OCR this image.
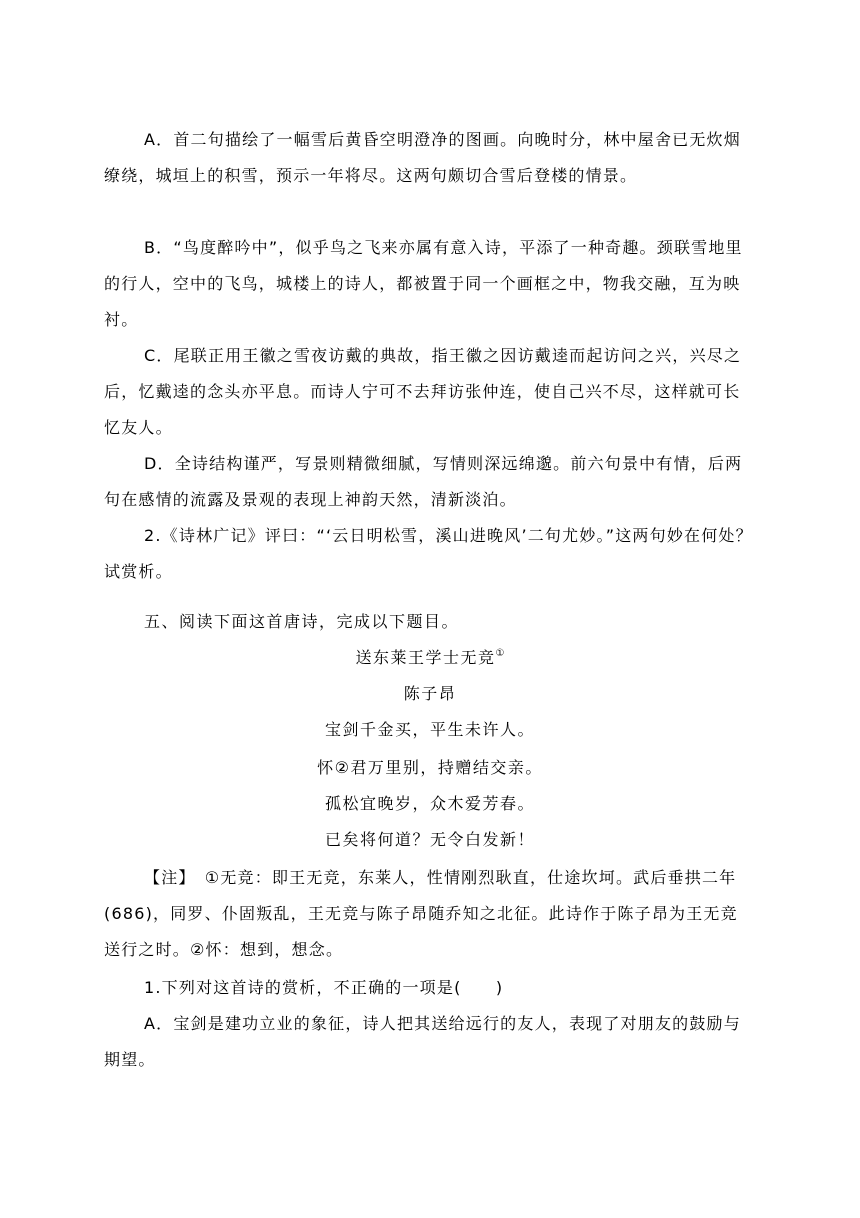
A．首二句描绘了一幅雪后黄昏空明澄净的图画。向晚时分，林中屋舍已无炊烟缭绕，城垣上的积雪，预示一年将尽。这两句颇切合雪后登楼的情景。

B．“鸟度醉吟中”，似乎鸟之飞来亦属有意入诗，平添了一种奇趣。颈联雪地里的行人，空中的飞鸟，城楼上的诗人，都被置于同一个画框之中，物我交融，互为映衬。

C．尾联正用王徽之雪夜访戴的典故，指王徽之因访戴逵而起访问之兴，兴尽之后，忆戴逵的念头亦平息。而诗人宁可不去拜访张仲连，使自己兴不尽，这样就可长忆友人。

D．全诗结构谨严，写景则精微细腻，写情则深远绵邈。前六句景中有情，后两句在感情的流露及景观的表现上神韵天然，清新淡泊。

2.《诗林广记》评曰：“‘云日明松雪，溪山进晚风’二句尤妙。”这两句妙在何处？试赏析。

五、阅读下面这首唐诗，完成以下题目。

送东莱王学士无竞①

陈子昂

宝剑千金买，平生未许人。

怀②君万里别，持赠结交亲。

孤松宜晚岁，众木爱芳春。

已矣将何道？无令白发新！

【注】　①无竞：即王无竞，东莱人，性情刚烈耿直，仕途坎坷。武后垂拱二年(686)，同罗、仆固叛乱，王无竞与陈子昂随乔知之北征。此诗作于陈子昂为王无竞送行之时。②怀：想到，想念。

1.下列对这首诗的赏析，不正确的一项是(　　)

A．宝剑是建功立业的象征，诗人把其送给远行的友人，表现了对朋友的鼓励与期望。
